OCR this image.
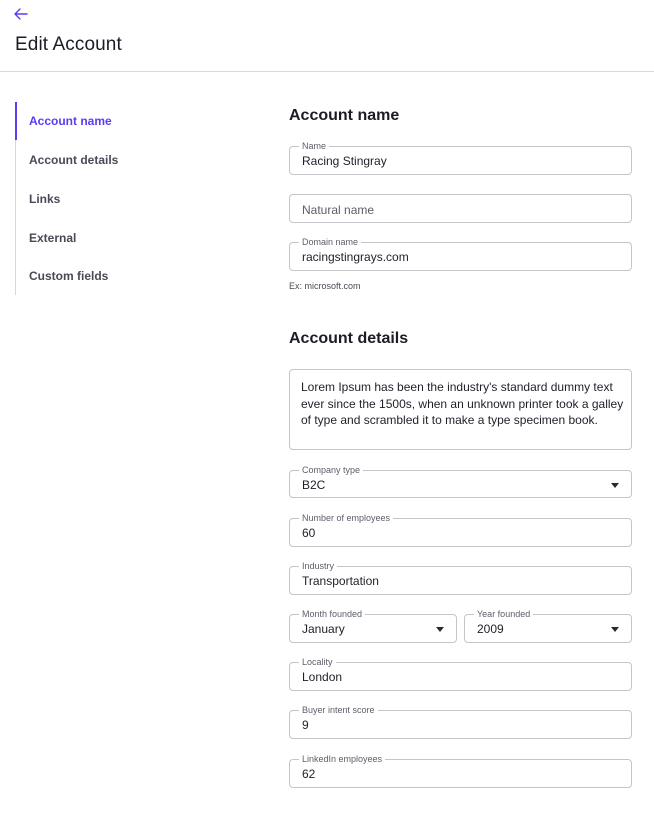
Edit Account
Account name
Account details
Links
External
Custom fields
Account name
Name
Racing Stingray
Natural name
Domain name
racingstingrays.com
Ex: microsoft.com
Account details
Lorem Ipsum has been the industry's standard dummy text ever since the 1500s, when an unknown printer took a galley of type and scrambled it to make a type specimen book.
Company type
B2C
Number of employees
60
Industry
Transportation
Month founded
January
Year founded
2009
Locality
London
Buyer intent score
9
LinkedIn employees
62
